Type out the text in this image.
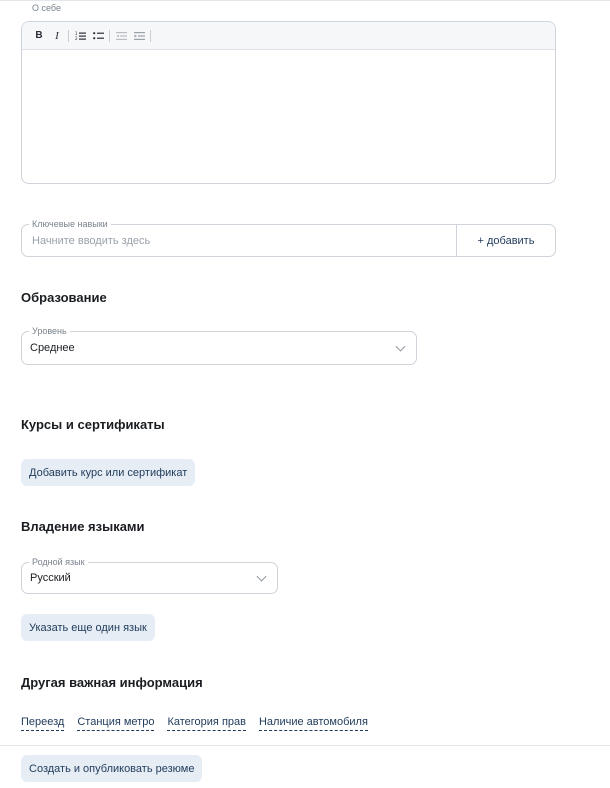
О себе
B	I	1
2
Ключевые навыки
Начните вводить здесь
+ добавить
Образование
Уровень
Среднее
Курсы и сертификаты
Добавить курс или сертификат
Владение языками
Родной язык
Русский
Указать еще один язык
Другая важная информация
Переезд Станция метро Категория прав Наличие автомобиля
Создать и опубликовать резюме
